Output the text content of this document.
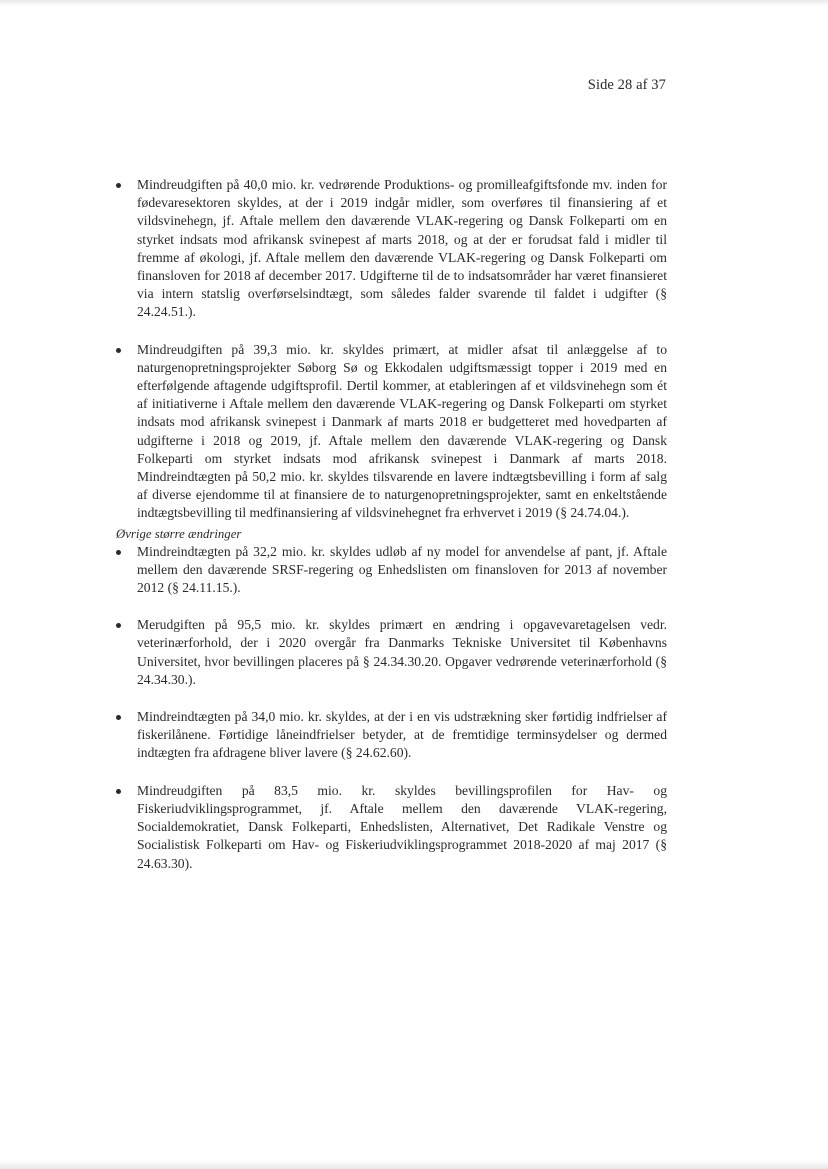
Side 28 af 37

Mindreudgiften på 40,0 mio. kr. vedrørende Produktions- og promilleafgiftsfonde mv. inden for fødevaresektoren skyldes, at der i 2019 indgår midler, som overføres til finansiering af et vildsvinehegn, jf. Aftale mellem den daværende VLAK-regering og Dansk Folkeparti om en styrket indsats mod afrikansk svinepest af marts 2018, og at der er forudsat fald i midler til fremme af økologi, jf. Aftale mellem den daværende VLAK-regering og Dansk Folkeparti om finansloven for 2018 af december 2017. Udgifterne til de to indsatsområder har været finansieret via intern statslig overførselsindtægt, som således falder svarende til faldet i udgifter (§ 24.24.51.).

Mindreudgiften på 39,3 mio. kr. skyldes primært, at midler afsat til anlæggelse af to naturgenopretningsprojekter Søborg Sø og Ekkodalen udgiftsmæssigt topper i 2019 med en efterfølgende aftagende udgiftsprofil. Dertil kommer, at etableringen af et vildsvinehegn som ét af initiativerne i Aftale mellem den daværende VLAK-regering og Dansk Folkeparti om styrket indsats mod afrikansk svinepest i Danmark af marts 2018 er budgetteret med hovedparten af udgifterne i 2018 og 2019, jf. Aftale mellem den daværende VLAK-regering og Dansk Folkeparti om styrket indsats mod afrikansk svinepest i Danmark af marts 2018. Mindreindtægten på 50,2 mio. kr. skyldes tilsvarende en lavere indtægtsbevilling i form af salg af diverse ejendomme til at finansiere de to naturgenopretningsprojekter, samt en enkeltstående indtægtsbevilling til medfinansiering af vildsvinehegnet fra erhvervet i 2019 (§ 24.74.04.).

Øvrige større ændringer

Mindreindtægten på 32,2 mio. kr. skyldes udløb af ny model for anvendelse af pant, jf. Aftale mellem den daværende SRSF-regering og Enhedslisten om finansloven for 2013 af november 2012 (§ 24.11.15.).

Merudgiften på 95,5 mio. kr. skyldes primært en ændring i opgavevaretagelsen vedr. veterinærforhold, der i 2020 overgår fra Danmarks Tekniske Universitet til Københavns Universitet, hvor bevillingen placeres på § 24.34.30.20. Opgaver vedrørende veterinærforhold (§ 24.34.30.).

Mindreindtægten på 34,0 mio. kr. skyldes, at der i en vis udstrækning sker førtidig indfrielser af fiskerilånene. Førtidige låneindfrielser betyder, at de fremtidige terminsydelser og dermed indtægten fra afdragene bliver lavere (§ 24.62.60).

Mindreudgiften på 83,5 mio. kr. skyldes bevillingsprofilen for Hav- og Fiskeriudviklingsprogrammet, jf. Aftale mellem den daværende VLAK-regering, Socialdemokratiet, Dansk Folkeparti, Enhedslisten, Alternativet, Det Radikale Venstre og Socialistisk Folkeparti om Hav- og Fiskeriudviklingsprogrammet 2018-2020 af maj 2017 (§ 24.63.30).
